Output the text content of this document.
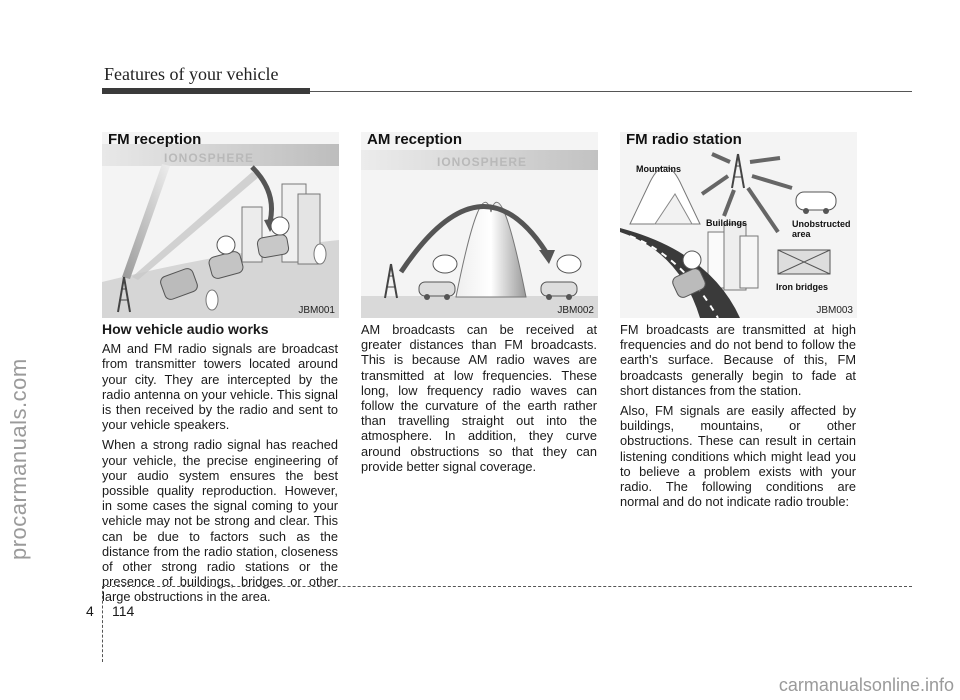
Features of your vehicle
procarmanuals.com
carmanualsonline.info
IONOSPHERE
FM reception
JBM001
IONOSPHERE
AM reception
JBM002
Mountains
Unobstructed
area
Buildings
Iron bridges
FM radio station
JBM003
How vehicle audio works

AM and FM radio signals are broadcast from transmitter towers located around your city. They are intercepted by the radio antenna on your vehicle. This signal is then received by the radio and sent to your vehicle speakers.

When a strong radio signal has reached your vehicle, the precise engineering of your audio system ensures the best possible quality reproduction. However, in some cases the signal coming to your vehicle may not be strong and clear. This can be due to factors such as the distance from the radio station, closeness of other strong radio stations or the presence of buildings, bridges or other large obstructions in the area.

AM broadcasts can be received at greater distances than FM broadcasts. This is because AM radio waves are transmitted at low frequencies. These long, low frequency radio waves can follow the curvature of the earth rather than travelling straight out into the atmosphere. In addition, they curve around obstructions so that they can provide better signal coverage.

FM broadcasts are transmitted at high frequencies and do not bend to follow the earth's surface. Because of this, FM broadcasts generally begin to fade at short distances from the station.

Also, FM signals are easily affected by buildings, mountains, or other obstructions. These can result in certain listening conditions which might lead you to believe a problem exists with your radio. The following conditions are normal and do not indicate radio trouble:

4 114
